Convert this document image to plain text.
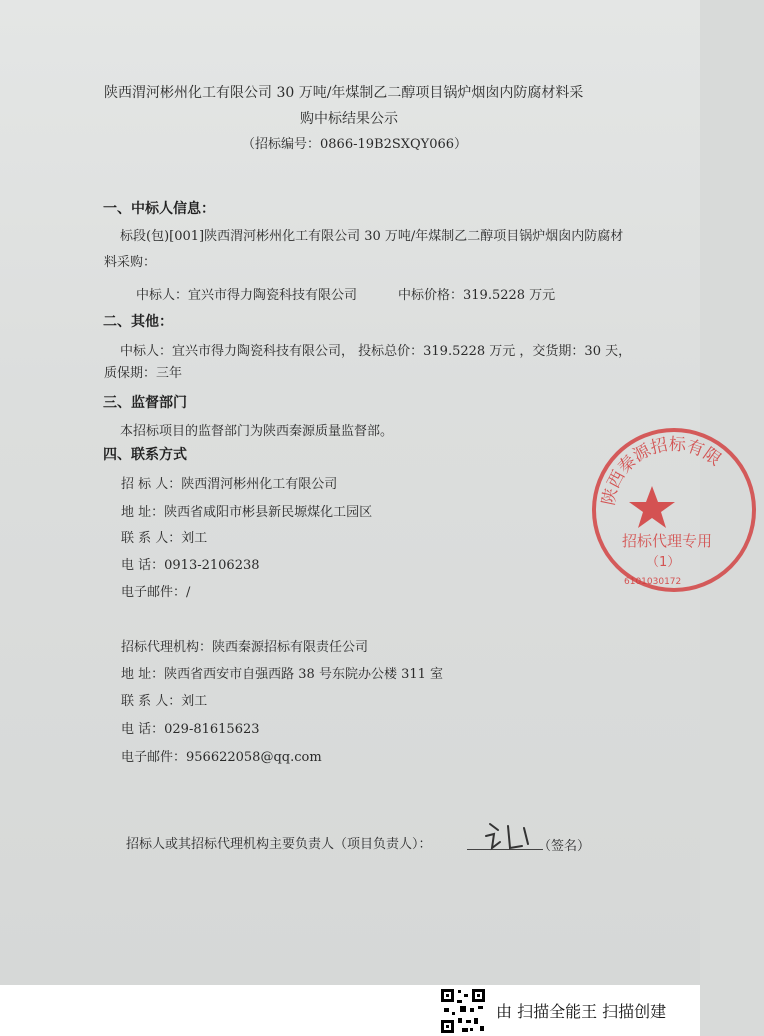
陕西渭河彬州化工有限公司 30 万吨/年煤制乙二醇项目锅炉烟囱内防腐材料采
购中标结果公示
（招标编号：0866-19B2SXQY066）
一、中标人信息：
标段(包)[001]陕西渭河彬州化工有限公司 30 万吨/年煤制乙二醇项目锅炉烟囱内防腐材
料采购：
中标人：宜兴市得力陶瓷科技有限公司	中标价格：319.5228 万元
二、其他：
中标人：宜兴市得力陶瓷科技有限公司， 投标总价：319.5228 万元 ，交货期：30 天，
质保期：三年
三、监督部门
本招标项目的监督部门为陕西秦源质量监督部。
四、联系方式
招 标 人：陕西渭河彬州化工有限公司
地 址：陕西省咸阳市彬县新民塬煤化工园区
联 系 人：刘工
电 话：0913-2106238
电子邮件：/
招标代理机构：陕西秦源招标有限责任公司
地 址：陕西省西安市自强西路 38 号东院办公楼 311 室
联 系 人：刘工
电 话：029-81615623
电子邮件：956622058@qq.com
招标人或其招标代理机构主要负责人（项目负责人）：	（签名）
陕西秦源招标有限
招标代理专用
（1）
6101030172
由 扫描全能王 扫描创建
